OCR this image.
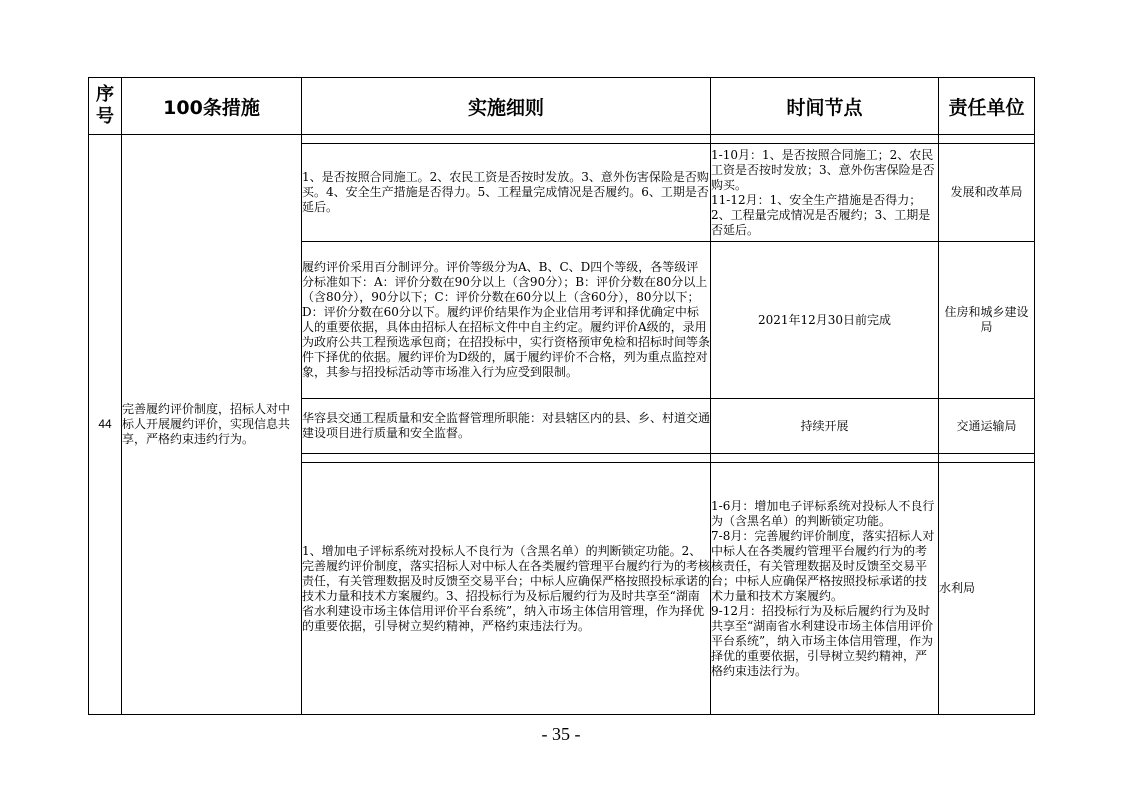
序号	100条措施	实施细则	时间节点	责任单位
44	完善履约评价制度，招标人对中标人开展履约评价，实现信息共享，严格约束违约行为。			
		1、是否按照合同施工。2、农民工资是否按时发放。3、意外伤害保险是否购买。4、安全生产措施是否得力。5、工程量完成情况是否履约。6、工期是否延后。	1-10月：1、是否按照合同施工；2、农民工资是否按时发放；3、意外伤害保险是否购买。
11-12月：1、安全生产措施是否得力；2、工程量完成情况是否履约；3、工期是否延后。	发展和改革局
		履约评价采用百分制评分。评价等级分为A、B、C、D四个等级，各等级评分标准如下：A：评价分数在90分以上（含90分）；B：评价分数在80分以上（含80分），90分以下；C：评价分数在60分以上（含60分），80分以下；D：评价分数在60分以下。履约评价结果作为企业信用考评和择优确定中标人的重要依据，具体由招标人在招标文件中自主约定。履约评价A级的，录用为政府公共工程预选承包商；在招投标中，实行资格预审免检和招标时间等条件下择优的依据。履约评价为D级的，属于履约评价不合格，列为重点监控对象，其参与招投标活动等市场准入行为应受到限制。	2021年12月30日前完成	住房和城乡建设局
		华容县交通工程质量和安全监督管理所职能：对县辖区内的县、乡、村道交通建设项目进行质量和安全监督。	持续开展	交通运输局

		1、增加电子评标系统对投标人不良行为（含黑名单）的判断锁定功能。2、完善履约评价制度，落实招标人对中标人在各类履约管理平台履约行为的考核责任，有关管理数据及时反馈至交易平台；中标人应确保严格按照投标承诺的技术力量和技术方案履约。3、招投标行为及标后履约行为及时共享至“湖南省水利建设市场主体信用评价平台系统”，纳入市场主体信用管理，作为择优的重要依据，引导树立契约精神，严格约束违法行为。	1-6月：增加电子评标系统对投标人不良行为（含黑名单）的判断锁定功能。
7-8月：完善履约评价制度，落实招标人对中标人在各类履约管理平台履约行为的考核责任，有关管理数据及时反馈至交易平台；中标人应确保严格按照投标承诺的技术力量和技术方案履约。
9-12月：招投标行为及标后履约行为及时共享至“湖南省水利建设市场主体信用评价平台系统”，纳入市场主体信用管理，作为择优的重要依据，引导树立契约精神，严格约束违法行为。	水利局
- 35 -
